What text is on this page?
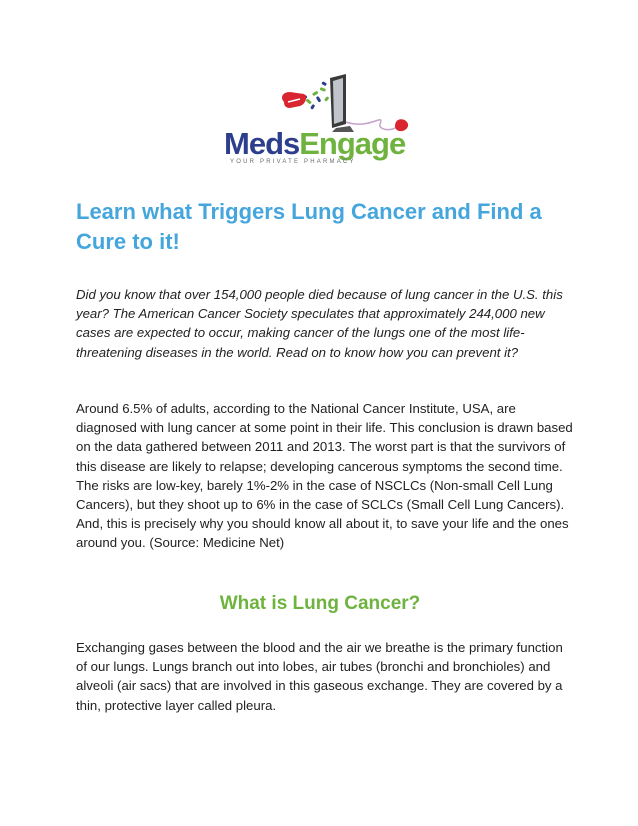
MedsEngage
YOUR PRIVATE PHARMACY
Learn what Triggers Lung Cancer and Find a Cure to it!

Did you know that over 154,000 people died because of lung cancer in the U.S. this year? The American Cancer Society speculates that approximately 244,000 new cases are expected to occur, making cancer of the lungs one of the most life-threatening diseases in the world. Read on to know how you can prevent it?

Around 6.5% of adults, according to the National Cancer Institute, USA, are diagnosed with lung cancer at some point in their life. This conclusion is drawn based on the data gathered between 2011 and 2013. The worst part is that the survivors of this disease are likely to relapse; developing cancerous symptoms the second time. The risks are low-key, barely 1%-2% in the case of NSCLCs (Non-small Cell Lung Cancers), but they shoot up to 6% in the case of SCLCs (Small Cell Lung Cancers). And, this is precisely why you should know all about it, to save your life and the ones around you. (Source: Medicine Net)

What is Lung Cancer?

Exchanging gases between the blood and the air we breathe is the primary function of our lungs. Lungs branch out into lobes, air tubes (bronchi and bronchioles) and alveoli (air sacs) that are involved in this gaseous exchange. They are covered by a thin, protective layer called pleura.
